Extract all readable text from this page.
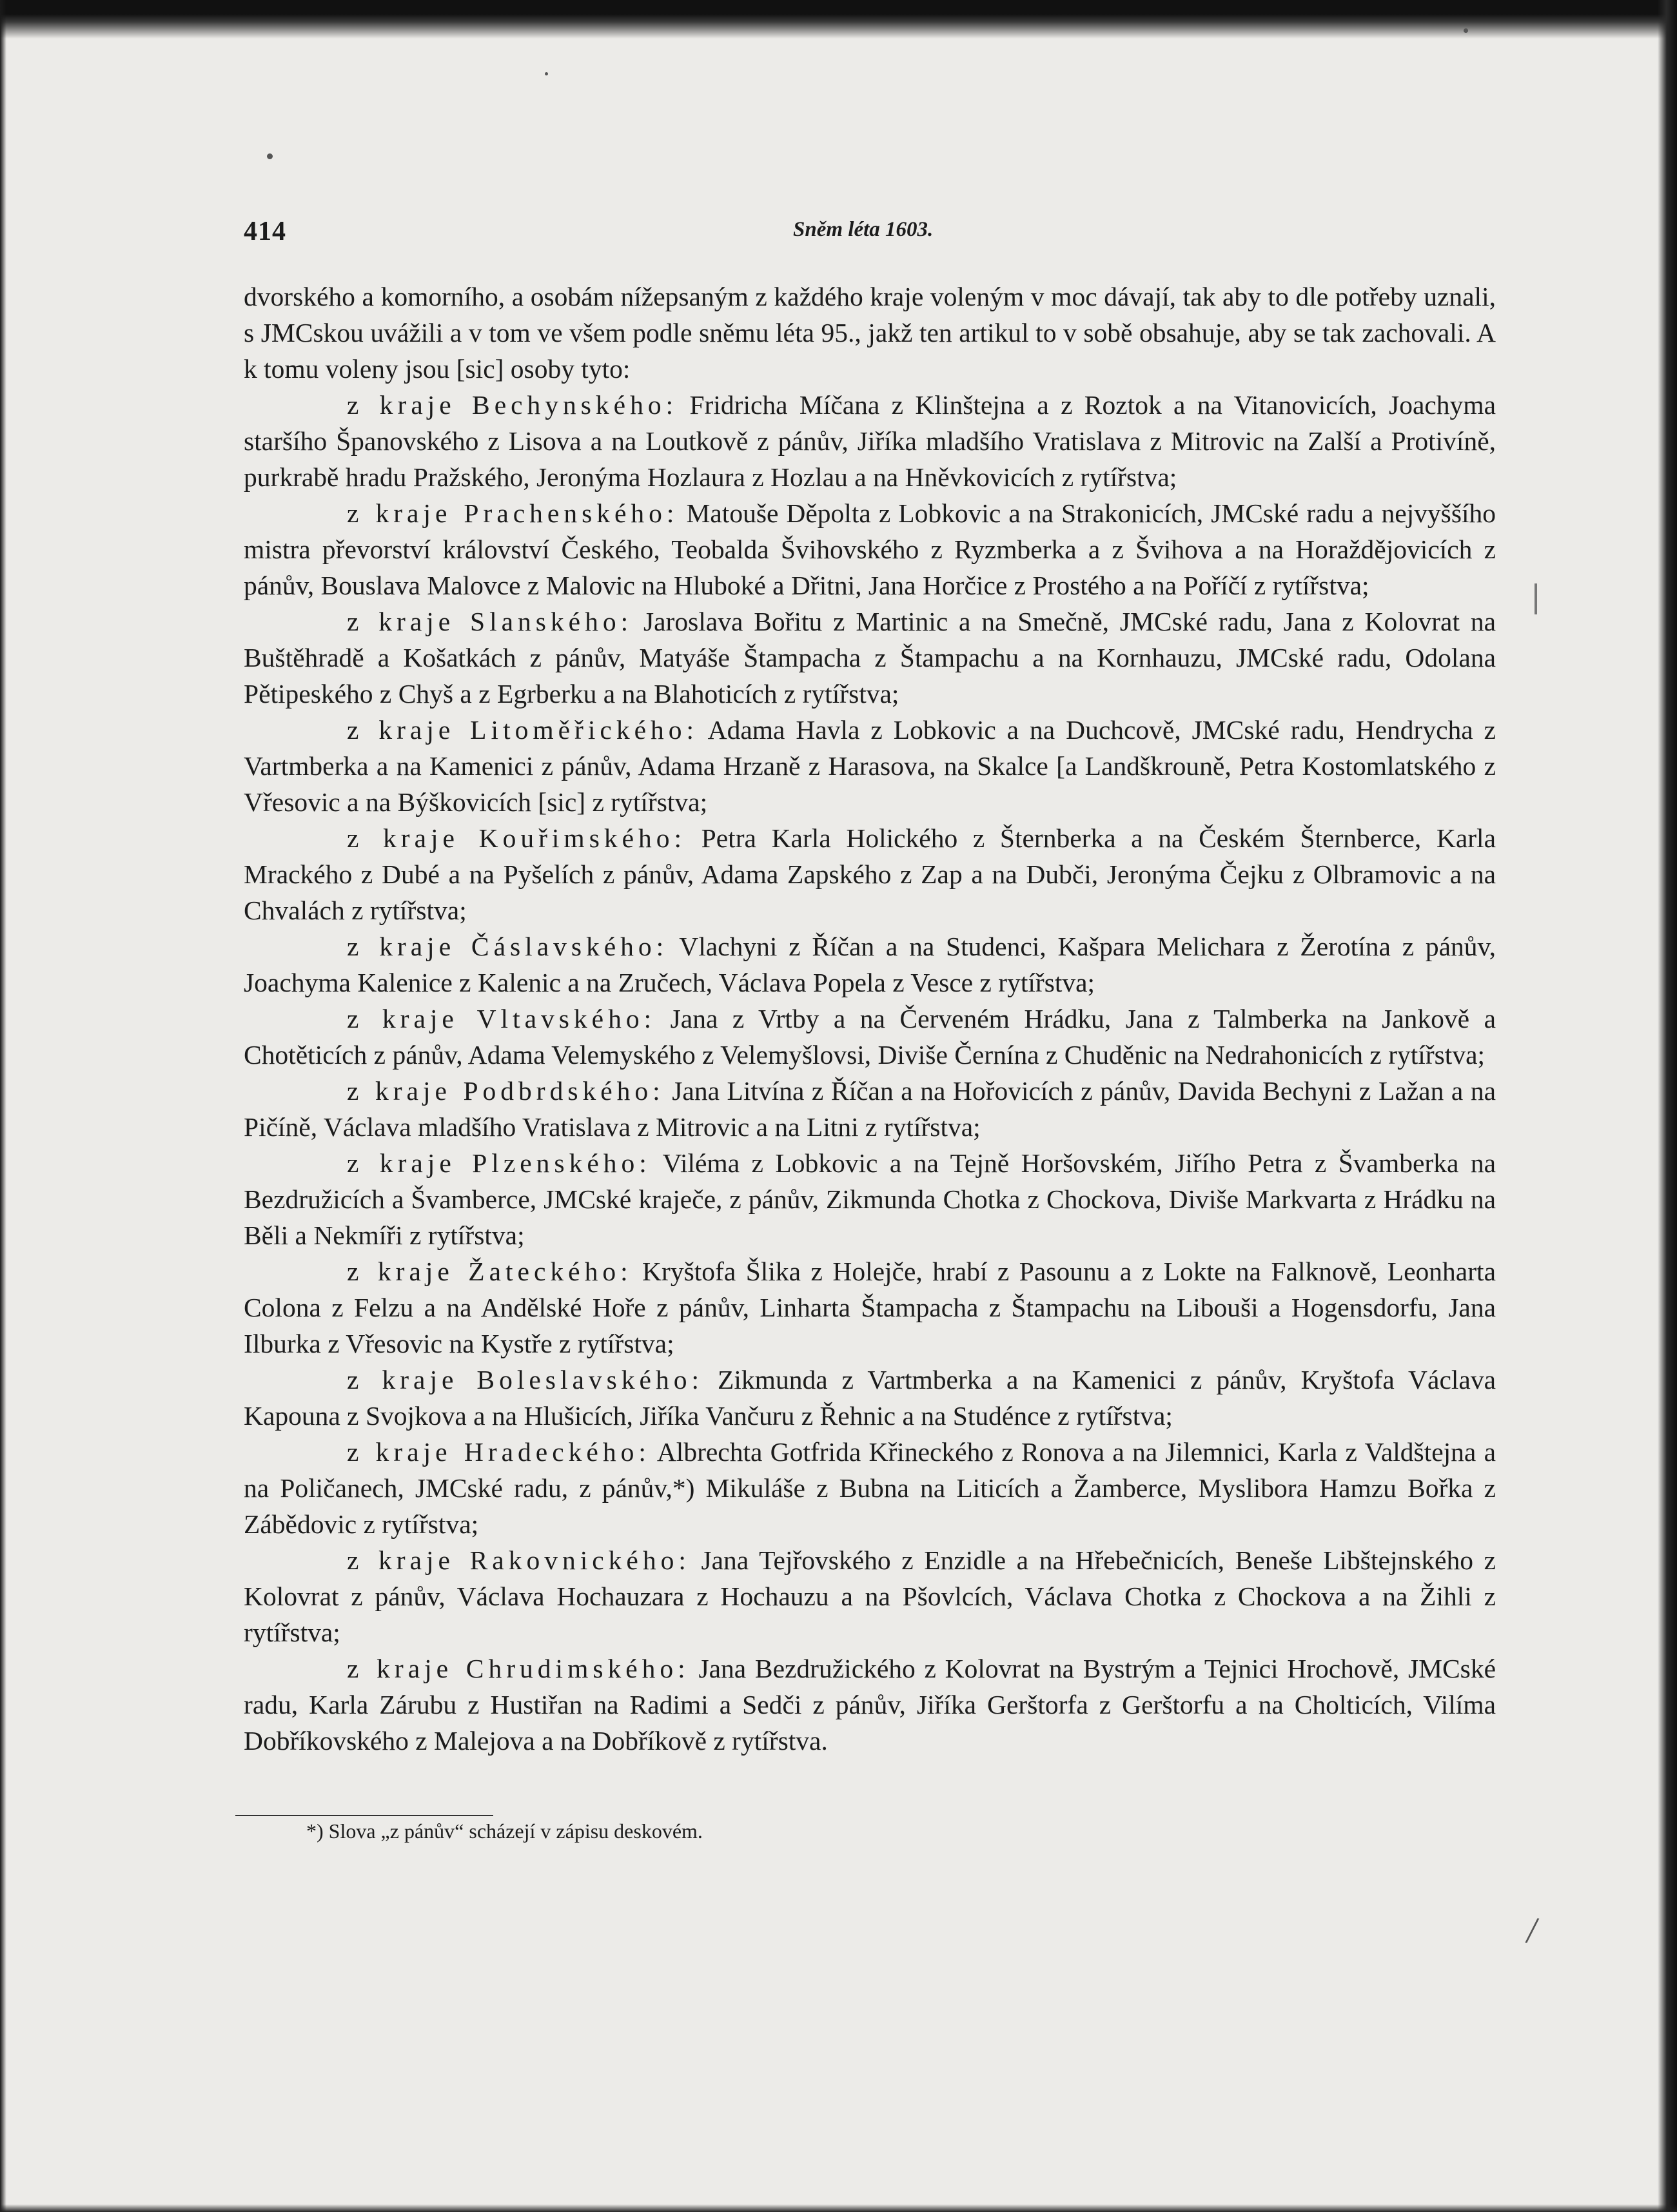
414	Sněm léta 1603.

dvorského a komorního, a osobám nížepsaným z každého kraje voleným v moc dávají, tak aby to dle potřeby uznali, s JMCskou uvážili a v tom ve všem podle sněmu léta 95., jakž ten artikul to v sobě obsahuje, aby se tak zachovali. A k tomu voleny jsou [sic] osoby tyto:

z kraje Bechynského: Fridricha Míčana z Klinštejna a z Roztok a na Vitanovicích, Joachyma staršího Španovského z Lisova a na Loutkově z pánův, Jiříka mladšího Vratislava z Mitrovic na Zalší a Protivíně, purkrabě hradu Pražského, Jeronýma Hozlaura z Hozlau a na Hněvkovicích z rytířstva;

z kraje Prachenského: Matouše Děpolta z Lobkovic a na Strakonicích, JMCské radu a nejvyššího mistra převorství království Českého, Teobalda Švihovského z Ryzmberka a z Švihova a na Horaždějovicích z pánův, Bouslava Malovce z Malovic na Hluboké a Dřitni, Jana Horčice z Prostého a na Poříčí z rytířstva;

z kraje Slanského: Jaroslava Bořitu z Martinic a na Smečně, JMCské radu, Jana z Kolovrat na Buštěhradě a Košatkách z pánův, Matyáše Štampacha z Štampachu a na Kornhauzu, JMCské radu, Odolana Pětipeského z Chyš a z Egrberku a na Blahoticích z rytířstva;

z kraje Litoměřického: Adama Havla z Lobkovic a na Duchcově, JMCské radu, Hendrycha z Vartmberka a na Kamenici z pánův, Adama Hrzaně z Harasova, na Skalce [a Landškrouně, Petra Kostomlatského z Vřesovic a na Býškovicích [sic] z rytířstva;

z kraje Kouřimského: Petra Karla Holického z Šternberka a na Českém Šternberce, Karla Mrackého z Dubé a na Pyšelích z pánův, Adama Zapského z Zap a na Dubči, Jeronýma Čejku z Olbramovic a na Chvalách z rytířstva;

z kraje Čáslavského: Vlachyni z Říčan a na Studenci, Kašpara Melichara z Žerotína z pánův, Joachyma Kalenice z Kalenic a na Zručech, Václava Popela z Vesce z rytířstva;

z kraje Vltavského: Jana z Vrtby a na Červeném Hrádku, Jana z Talmberka na Jankově a Chotěticích z pánův, Adama Velemyského z Velemyšlovsi, Diviše Černína z Chuděnic na Nedrahonicích z rytířstva;

z kraje Podbrdského: Jana Litvína z Říčan a na Hořovicích z pánův, Davida Bechyni z Lažan a na Pičíně, Václava mladšího Vratislava z Mitrovic a na Litni z rytířstva;

z kraje Plzenského: Viléma z Lobkovic a na Tejně Horšovském, Jiřího Petra z Švamberka na Bezdružicích a Švamberce, JMCské kraječe, z pánův, Zikmunda Chotka z Chockova, Diviše Markvarta z Hrádku na Běli a Nekmíři z rytířstva;

z kraje Žateckého: Kryštofa Šlika z Holejče, hrabí z Pasounu a z Lokte na Falknově, Leonharta Colona z Felzu a na Andělské Hoře z pánův, Linharta Štampacha z Štampachu na Libouši a Hogensdorfu, Jana Ilburka z Vřesovic na Kystře z rytířstva;

z kraje Boleslavského: Zikmunda z Vartmberka a na Kamenici z pánův, Kryštofa Václava Kapouna z Svojkova a na Hlušicích, Jiříka Vančuru z Řehnic a na Studénce z rytířstva;

z kraje Hradeckého: Albrechta Gotfrida Křineckého z Ronova a na Jilemnici, Karla z Valdštejna a na Poličanech, JMCské radu, z pánův,*) Mikuláše z Bubna na Liticích a Žamberce, Myslibora Hamzu Bořka z Zábědovic z rytířstva;

z kraje Rakovnického: Jana Tejřovského z Enzidle a na Hřebečnicích, Beneše Libštejnského z Kolovrat z pánův, Václava Hochauzara z Hochauzu a na Pšovlcích, Václava Chotka z Chockova a na Žihli z rytířstva;

z kraje Chrudimského: Jana Bezdružického z Kolovrat na Bystrým a Tejnici Hrochově, JMCské radu, Karla Zárubu z Hustiřan na Radimi a Sedči z pánův, Jiříka Gerštorfa z Gerštorfu a na Cholticích, Vilíma Dobříkovského z Malejova a na Dobříkově z rytířstva.

*) Slova „z pánův“ scházejí v zápisu deskovém.
/
